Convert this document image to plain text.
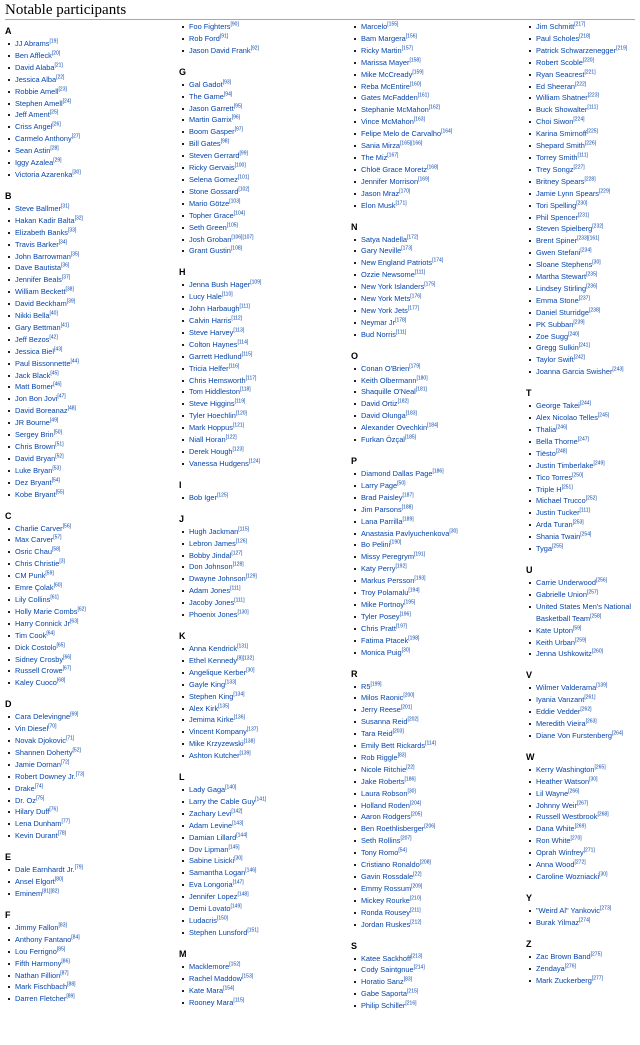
Notable participants
A
JJ Abrams[19]
Ben Affleck[20]
David Alaba[21]
Jessica Alba[22]
Robbie Amell[23]
Stephen Amell[24]
Jeff Ament[25]
Criss Angel[26]
Carmelo Anthony[27]
Sean Astin[28]
Iggy Azalea[29]
Victoria Azarenka[30]
B
Steve Ballmer[31]
Hakan Kadir Balta[32]
Elizabeth Banks[33]
Travis Barker[34]
John Barrowman[35]
Dave Bautista[36]
Jennifer Beals[37]
William Beckett[38]
David Beckham[39]
Nikki Bella[40]
Gary Bettman[41]
Jeff Bezos[42]
Jessica Biel[43]
Paul Bissonnette[44]
Jack Black[45]
Matt Bomer[46]
Jon Bon Jovi[47]
David Boreanaz[48]
JR Bourne[49]
Sergey Brin[50]
Chris Brown[51]
David Bryan[52]
Luke Bryan[53]
Dez Bryant[54]
Kobe Bryant[55]
C
Charlie Carver[56]
Max Carver[57]
Osric Chau[58]
Chris Christie[3]
CM Punk[59]
Emre Çolak[60]
Lily Collins[61]
Holly Marie Combs[62]
Harry Connick Jr[63]
Tim Cook[64]
Dick Costolo[65]
Sidney Crosby[66]
Russell Crowe[67]
Kaley Cuoco[68]
D
Cara Delevingne[69]
Vin Diesel[70]
Novak Djokovic[71]
Shannen Doherty[52]
Jamie Dornan[72]
Robert Downey Jr.[73]
Drake[74]
Dr. Oz[75]
Hilary Duff[76]
Lena Dunham[77]
Kevin Durant[78]
E
Dale Earnhardt Jr.[79]
Ansel Elgort[80]
Eminem[81][82]
F
Jimmy Fallon[83]
Anthony Fantano[84]
Lou Ferrigno[85]
Fifth Harmony[86]
Nathan Fillion[87]
Mark Fischbach[88]
Darren Fletcher[89]
Foo Fighters[90]
Rob Ford[91]
Jason David Frank[92]
G
Gal Gadot[93]
The Game[94]
Jason Garrett[95]
Martin Garrix[96]
Boom Gasper[97]
Bill Gates[98]
Steven Gerrard[99]
Ricky Gervais[100]
Selena Gomez[101]
Stone Gossard[102]
Mario Götze[103]
Topher Grace[104]
Seth Green[105]
Josh Groban[106][107]
Grant Gustin[108]
H
Jenna Bush Hager[109]
Lucy Hale[110]
John Harbaugh[111]
Calvin Harris[112]
Steve Harvey[113]
Colton Haynes[114]
Garrett Hedlund[115]
Tricia Helfer[116]
Chris Hemsworth[117]
Tom Hiddleston[118]
Steve Higgins[119]
Tyler Hoechlin[120]
Mark Hoppus[121]
Niall Horan[122]
Derek Hough[123]
Vanessa Hudgens[124]
I
Bob Iger[125]
J
Hugh Jackman[115]
Lebron James[126]
Bobby Jindal[127]
Don Johnson[128]
Dwayne Johnson[129]
Adam Jones[111]
Jacoby Jones[111]
Phoenix Jones[130]
K
Anna Kendrick[131]
Ethel Kennedy[8][132]
Angelique Kerber[30]
Gayle King[133]
Stephen King[134]
Alex Kirk[135]
Jemima Kirke[136]
Vincent Kompany[137]
Mike Krzyzewski[138]
Ashton Kutcher[139]
L
Lady Gaga[140]
Larry the Cable Guy[141]
Zachary Levi[142]
Adam Levine[143]
Damian Lillard[144]
Dov Lipman[145]
Sabine Lisicki[30]
Samantha Logan[146]
Eva Longoria[147]
Jennifer Lopez[148]
Demi Lovato[149]
Ludacris[150]
Stephen Lunsford[151]
M
Macklemore[152]
Rachel Maddow[153]
Kate Mara[154]
Rooney Mara[115]
Marcelo[155]
Bam Margera[156]
Ricky Martin[157]
Marissa Mayer[158]
Mike McCready[159]
Reba McEntire[160]
Gates McFadden[161]
Stephanie McMahon[162]
Vince McMahon[163]
Felipe Melo de Carvalho[164]
Sania Mirza[165][166]
The Miz[167]
Chloë Grace Moretz[168]
Jennifer Morrison[169]
Jason Mraz[170]
Elon Musk[171]
N
Satya Nadella[172]
Gary Neville[173]
New England Patriots[174]
Ozzie Newsome[111]
New York Islanders[175]
New York Mets[176]
New York Jets[177]
Neymar Jr[178]
Bud Norris[111]
O
Conan O'Brien[179]
Keith Olbermann[180]
Shaquille O'Neal[181]
David Ortiz[182]
David Olunga[183]
Alexander Ovechkin[184]
Furkan Özçal[185]
P
Diamond Dallas Page[186]
Larry Page[50]
Brad Paisley[187]
Jim Parsons[188]
Lana Parrilla[189]
Anastasia Pavlyuchenkova[30]
Bo Pelini[190]
Missy Peregrym[191]
Katy Perry[192]
Markus Persson[193]
Troy Polamalu[194]
Mike Portnoy[195]
Tyler Posey[196]
Chris Pratt[197]
Fatima Ptacek[198]
Monica Puig[30]
R
R5[199]
Milos Raonic[200]
Jerry Reese[201]
Susanna Reid[202]
Tara Reid[203]
Emily Bett Rickards[114]
Rob Riggle[83]
Nicole Ritchie[22]
Jake Roberts[186]
Laura Robson[30]
Holland Roden[204]
Aaron Rodgers[205]
Ben Roethlisberger[206]
Seth Rollins[207]
Tony Romo[54]
Cristiano Ronaldo[208]
Gavin Rossdale[22]
Emmy Rossum[209]
Mickey Rourke[210]
Ronda Rousey[211]
Jordan Ruskes[212]
S
Katee Sackhoff[213]
Cody Saintgnue[214]
Horatio Sanz[83]
Gabe Saporta[215]
Philip Schiller[216]
Jim Schmitt[217]
Paul Scholes[218]
Patrick Schwarzenegger[219]
Robert Scoble[220]
Ryan Seacrest[221]
Ed Sheeran[222]
William Shatner[223]
Buck Showalter[111]
Choi Siwon[224]
Karina Smirnoff[225]
Shepard Smith[226]
Torrey Smith[111]
Trey Songz[227]
Britney Spears[228]
Jamie Lynn Spears[229]
Tori Spelling[230]
Phil Spencer[231]
Steven Spielberg[232]
Brent Spiner[233][161]
Gwen Stefani[234]
Sloane Stephens[30]
Martha Stewart[235]
Lindsey Stirling[236]
Emma Stone[237]
Daniel Sturridge[238]
PK Subban[239]
Zoe Sugg[240]
Gregg Sulkin[241]
Taylor Swift[242]
Joanna Garcia Swisher[243]
T
George Takei[244]
Alex Nicolao Telles[245]
Thalia[246]
Bella Thorne[247]
Tiësto[248]
Justin Timberlake[249]
Tico Torres[250]
Triple H[251]
Michael Trucco[252]
Justin Tucker[111]
Arda Turan[253]
Shania Twain[254]
Tyga[255]
U
Carrie Underwood[256]
Gabrielle Union[257]
United States Men's National Basketball Team[258]
Kate Upton[59]
Keith Urban[259]
Jenna Ushkowitz[260]
V
Wilmer Valderama[139]
Iyania Vanzant[261]
Eddie Vedder[262]
Meredith Vieira[263]
Diane Von Furstenberg[264]
W
Kerry Washington[265]
Heather Watson[30]
Lil Wayne[266]
Johnny Weir[267]
Russell Westbrook[268]
Dana White[269]
Ron White[270]
Oprah Winfrey[271]
Anna Wood[272]
Caroline Wozniacki[30]
Y
"Weird Al" Yankovic[273]
Burak Yilmaz[274]
Z
Zac Brown Band[275]
Zendaya[276]
Mark Zuckerberg[277]
